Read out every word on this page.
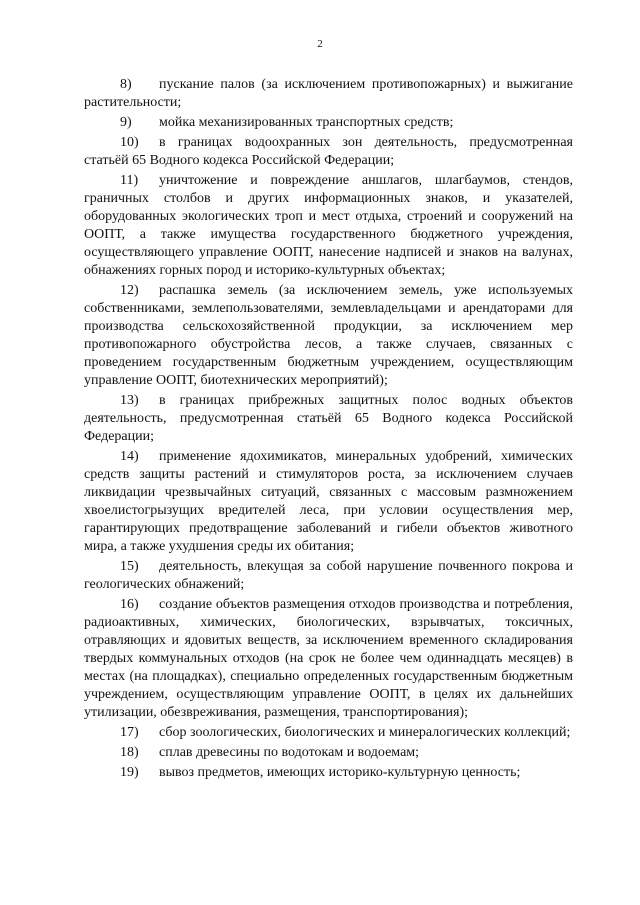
2

8) пускание палов (за исключением противопожарных) и выжигание растительности;

9) мойка механизированных транспортных средств;

10) в границах водоохранных зон деятельность, предусмотренная статьёй 65 Водного кодекса Российской Федерации;

11) уничтожение и повреждение аншлагов, шлагбаумов, стендов, граничных столбов и других информационных знаков, и указателей, оборудованных экологических троп и мест отдыха, строений и сооружений на ООПТ, а также имущества государственного бюджетного учреждения, осуществляющего управление ООПТ, нанесение надписей и знаков на валунах, обнажениях горных пород и историко-культурных объектах;

12) распашка земель (за исключением земель, уже используемых собственниками, землепользователями, землевладельцами и арендаторами для производства сельскохозяйственной продукции, за исключением мер противопожарного обустройства лесов, а также случаев, связанных с проведением государственным бюджетным учреждением, осуществляющим управление ООПТ, биотехнических мероприятий);

13) в границах прибрежных защитных полос водных объектов деятельность, предусмотренная статьёй 65 Водного кодекса Российской Федерации;

14) применение ядохимикатов, минеральных удобрений, химических средств защиты растений и стимуляторов роста, за исключением случаев ликвидации чрезвычайных ситуаций, связанных с массовым размножением хвоелистогрызущих вредителей леса, при условии осуществления мер, гарантирующих предотвращение заболеваний и гибели объектов животного мира, а также ухудшения среды их обитания;

15) деятельность, влекущая за собой нарушение почвенного покрова и геологических обнажений;

16) создание объектов размещения отходов производства и потребления, радиоактивных, химических, биологических, взрывчатых, токсичных, отравляющих и ядовитых веществ, за исключением временного складирования твердых коммунальных отходов (на срок не более чем одиннадцать месяцев) в местах (на площадках), специально определенных государственным бюджетным учреждением, осуществляющим управление ООПТ, в целях их дальнейших утилизации, обезвреживания, размещения, транспортирования);

17) сбор зоологических, биологических и минералогических коллекций;

18) сплав древесины по водотокам и водоемам;

19) вывоз предметов, имеющих историко-культурную ценность;
